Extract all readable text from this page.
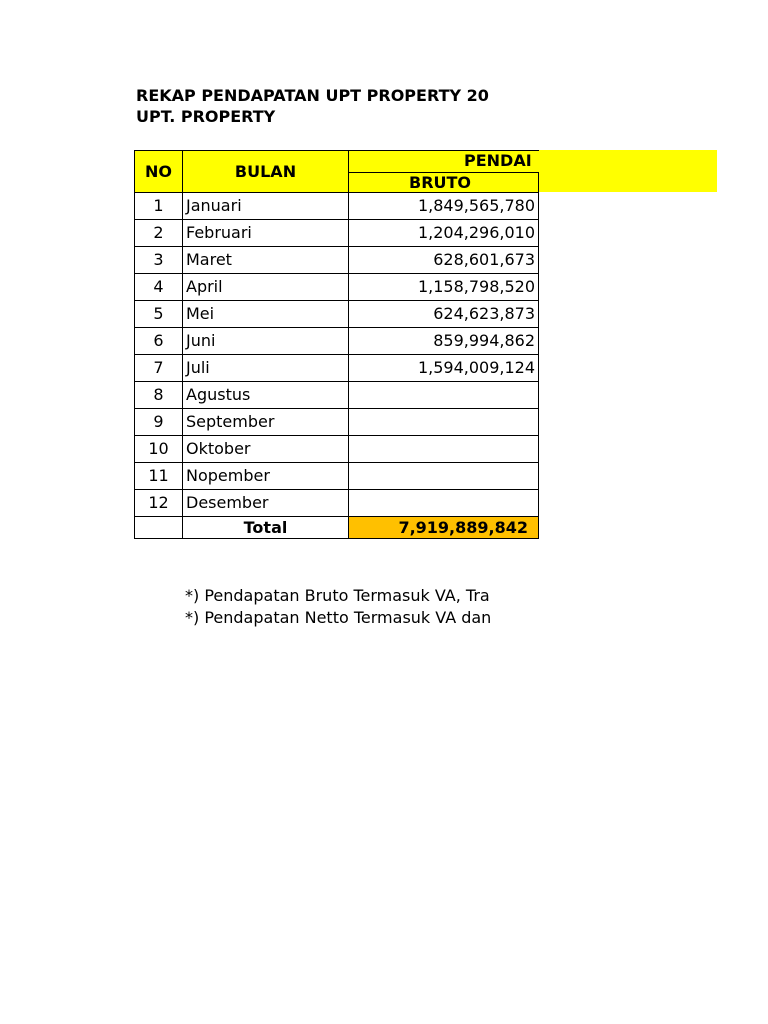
REKAP PENDAPATAN UPT PROPERTY 20
UPT. PROPERTY
NO	BULAN	PENDAI
		BRUTO
1	Januari	1,849,565,780
2	Februari	1,204,296,010
3	Maret	628,601,673
4	April	1,158,798,520
5	Mei	624,623,873
6	Juni	859,994,862
7	Juli	1,594,009,124
8	Agustus	
9	September	
10	Oktober	
11	Nopember	
12	Desember	
	Total	7,919,889,842
*) Pendapatan Bruto Termasuk VA, Tra
*) Pendapatan Netto Termasuk VA dan
